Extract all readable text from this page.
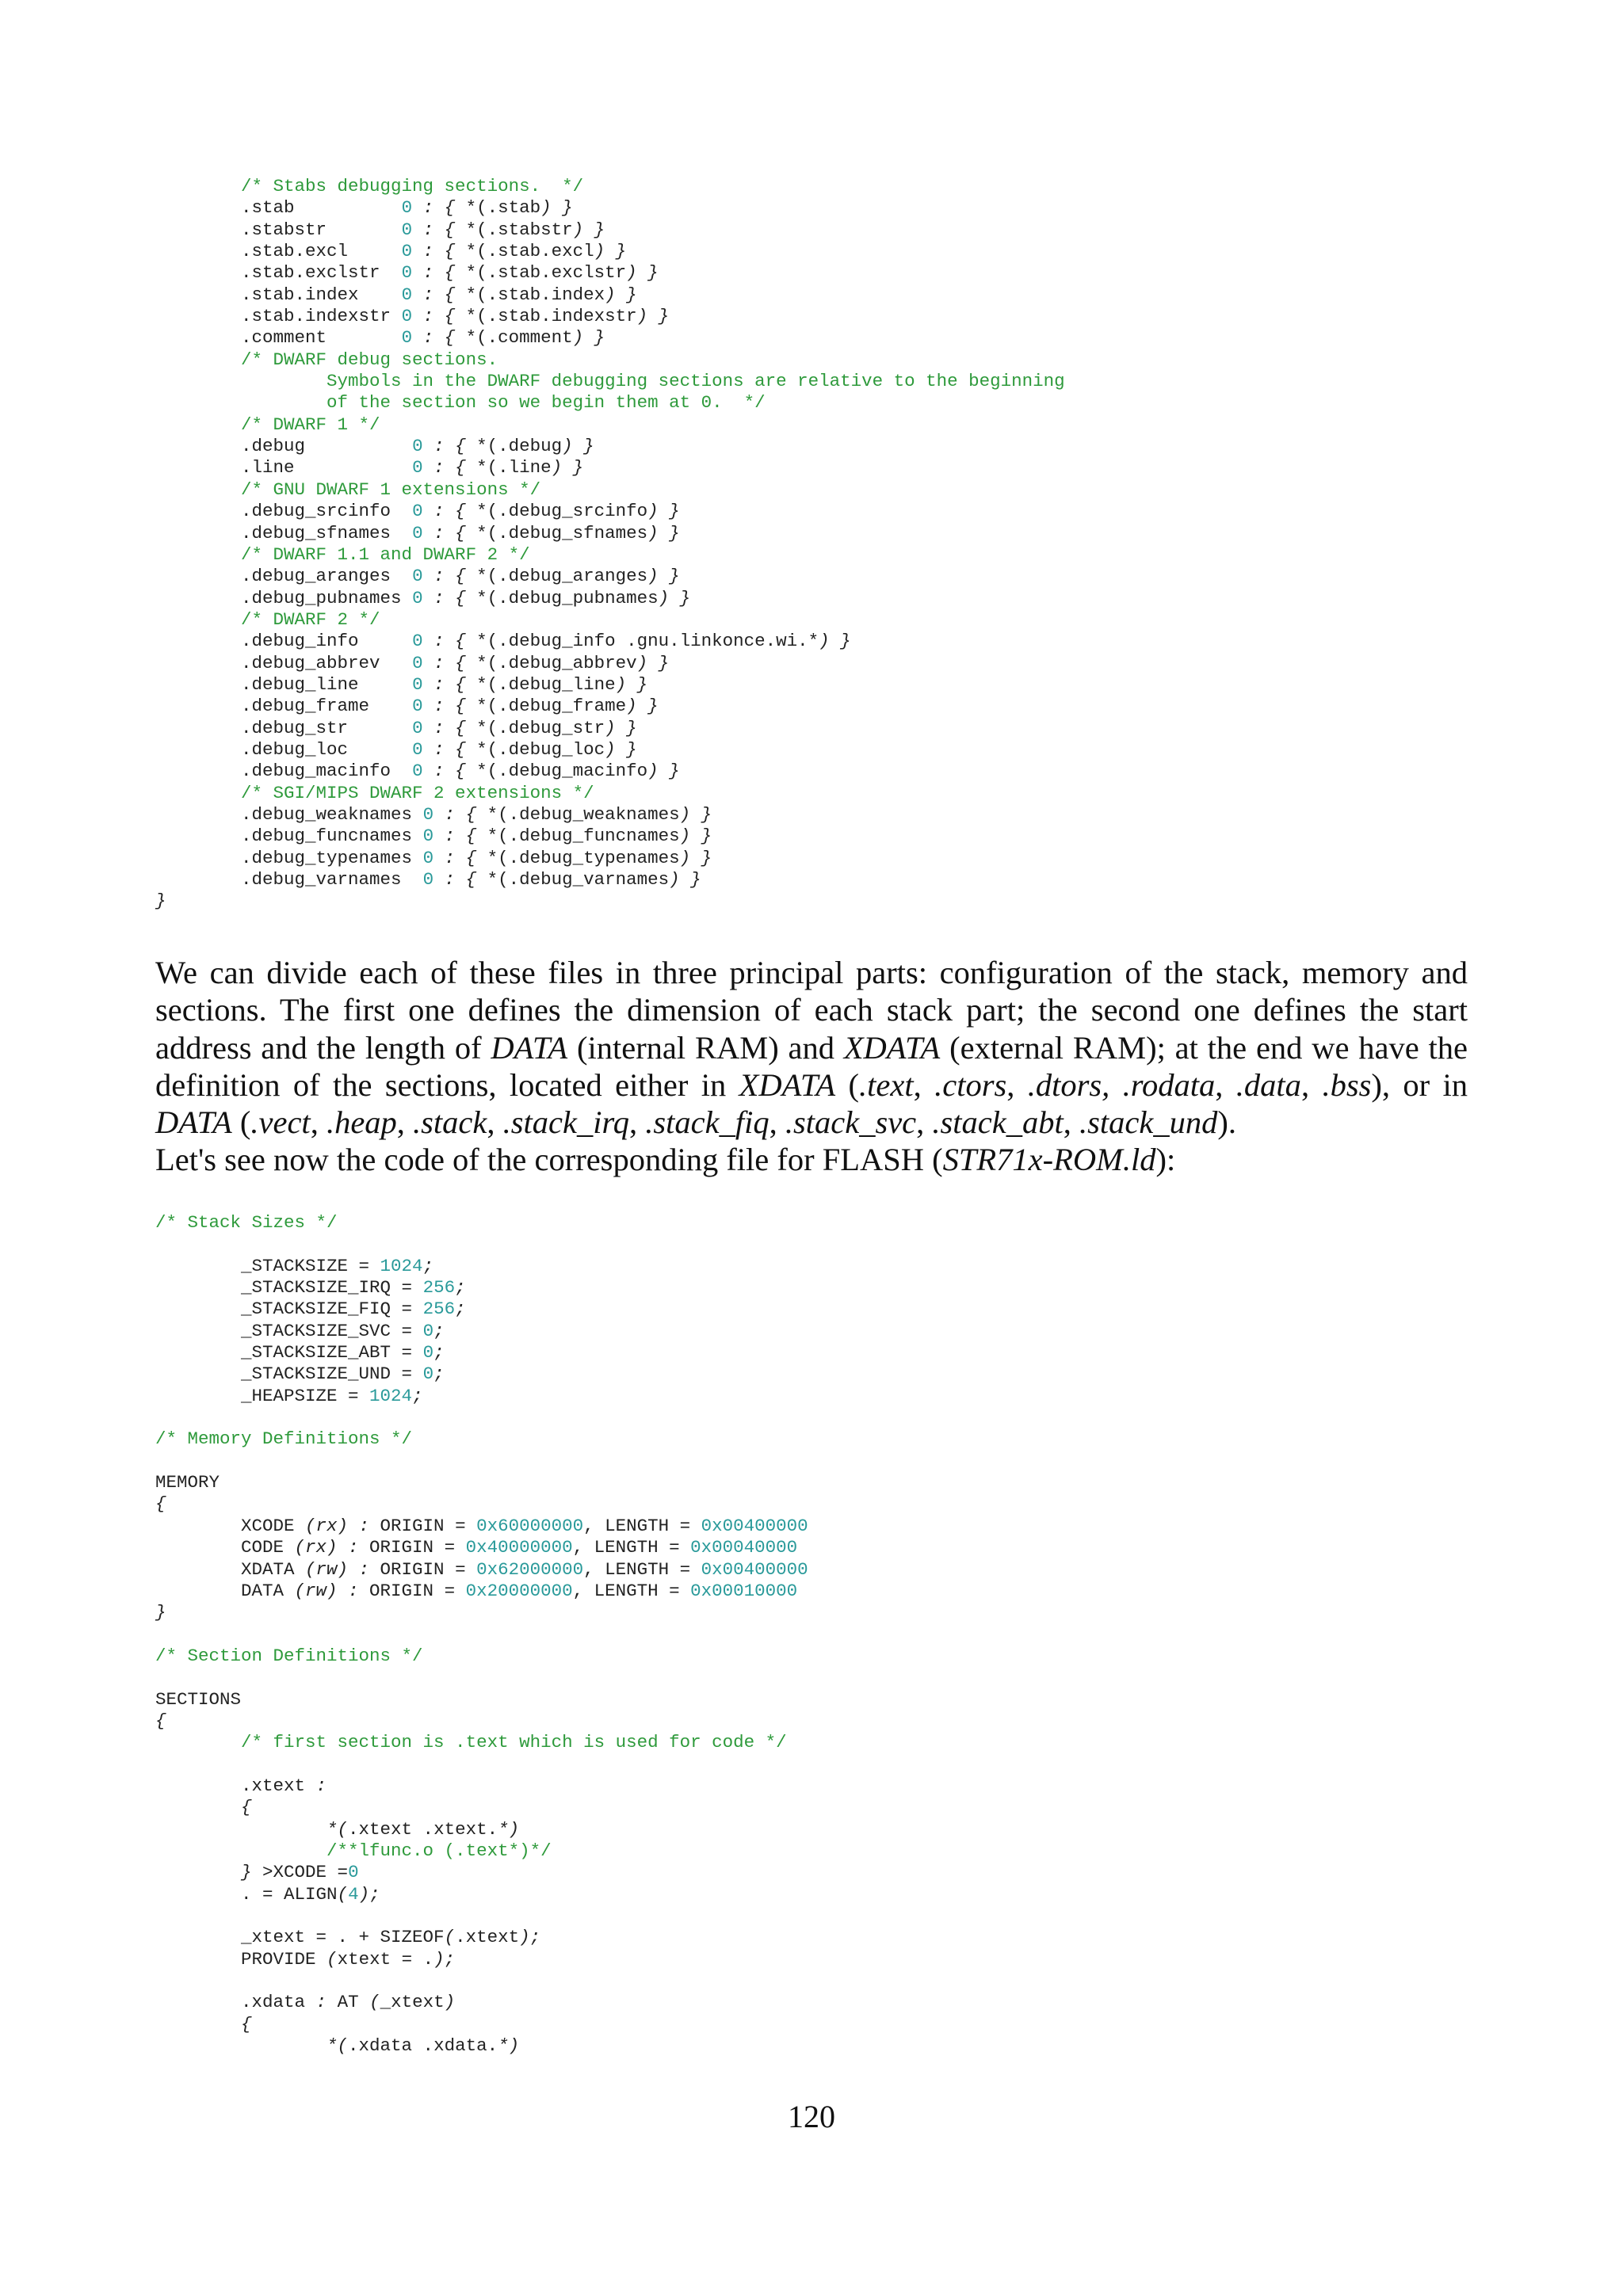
/* Stabs debugging sections.  */
.stab          0 : { *(.stab) }
.stabstr       0 : { *(.stabstr) }
.stab.excl     0 : { *(.stab.excl) }
.stab.exclstr  0 : { *(.stab.exclstr) }
.stab.index    0 : { *(.stab.index) }
.stab.indexstr 0 : { *(.stab.indexstr) }
.comment       0 : { *(.comment) }
/* DWARF debug sections.
Symbols in the DWARF debugging sections are relative to the beginning
of the section so we begin them at 0.  */
/* DWARF 1 */
.debug          0 : { *(.debug) }
.line           0 : { *(.line) }
/* GNU DWARF 1 extensions */
.debug_srcinfo  0 : { *(.debug_srcinfo) }
.debug_sfnames  0 : { *(.debug_sfnames) }
/* DWARF 1.1 and DWARF 2 */
.debug_aranges  0 : { *(.debug_aranges) }
.debug_pubnames 0 : { *(.debug_pubnames) }
/* DWARF 2 */
.debug_info     0 : { *(.debug_info .gnu.linkonce.wi.*) }
.debug_abbrev   0 : { *(.debug_abbrev) }
.debug_line     0 : { *(.debug_line) }
.debug_frame    0 : { *(.debug_frame) }
.debug_str      0 : { *(.debug_str) }
.debug_loc      0 : { *(.debug_loc) }
.debug_macinfo  0 : { *(.debug_macinfo) }
/* SGI/MIPS DWARF 2 extensions */
.debug_weaknames 0 : { *(.debug_weaknames) }
.debug_funcnames 0 : { *(.debug_funcnames) }
.debug_typenames 0 : { *(.debug_typenames) }
.debug_varnames  0 : { *(.debug_varnames) }
}

We can divide each of these files in three principal parts: configuration of the stack, memory and sections. The first one defines the dimension of each stack part; the second one defines the start address and the length of DATA (internal RAM) and XDATA (external RAM); at the end we have the definition of the sections, located either in XDATA (.text, .ctors, .dtors, .rodata, .data, .bss), or in DATA (.vect, .heap, .stack, .stack_irq, .stack_fiq, .stack_svc, .stack_abt, .stack_und).

Let's see now the code of the corresponding file for FLASH (STR71x-ROM.ld):

/* Stack Sizes */
_STACKSIZE = 1024;
_STACKSIZE_IRQ = 256;
_STACKSIZE_FIQ = 256;
_STACKSIZE_SVC = 0;
_STACKSIZE_ABT = 0;
_STACKSIZE_UND = 0;
_HEAPSIZE = 1024;
/* Memory Definitions */
MEMORY
{
XCODE (rx) : ORIGIN = 0x60000000, LENGTH = 0x00400000
CODE (rx) : ORIGIN = 0x40000000, LENGTH = 0x00040000
XDATA (rw) : ORIGIN = 0x62000000, LENGTH = 0x00400000
DATA (rw) : ORIGIN = 0x20000000, LENGTH = 0x00010000
}
/* Section Definitions */
SECTIONS
{
/* first section is .text which is used for code */
.xtext :
{
*(.xtext .xtext.*)
/**lfunc.o (.text*)*/
} >XCODE =0
. = ALIGN(4);
_xtext = . + SIZEOF(.xtext);
PROVIDE (xtext = .);
.xdata : AT (_xtext)
{
*(.xdata .xdata.*)
120
